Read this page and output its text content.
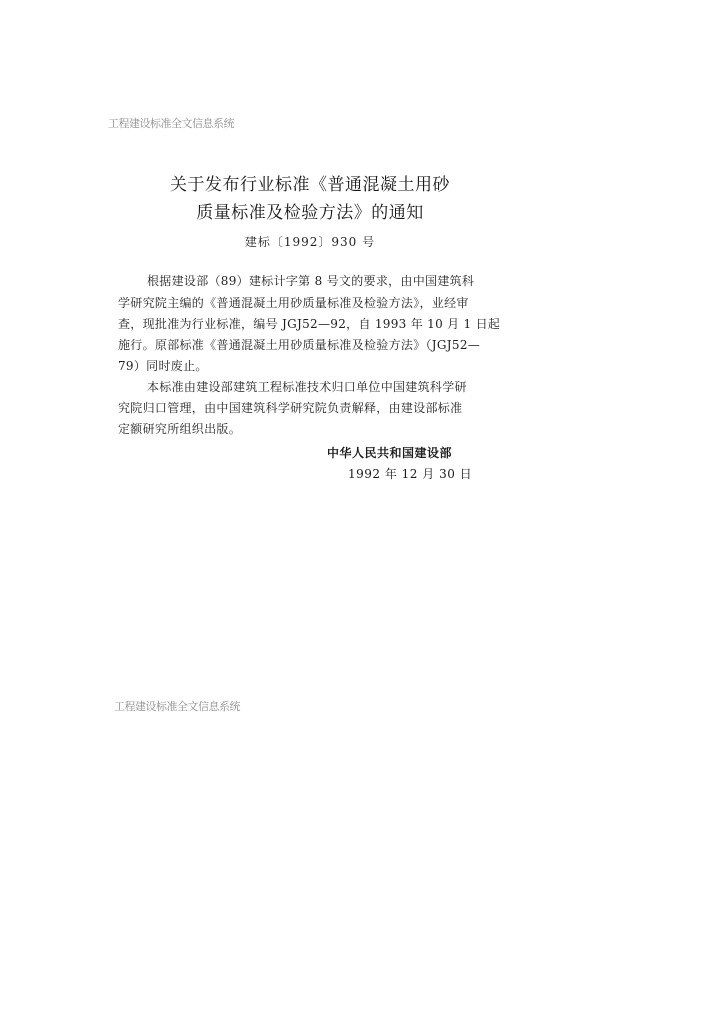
工程建设标准全文信息系统
关于发布行业标准《普通混凝土用砂
质量标准及检验方法》的通知
建标〔1992〕930 号
根据建设部（89）建标计字第 8 号文的要求，由中国建筑科
学研究院主编的《普通混凝土用砂质量标准及检验方法》，业经审
查，现批准为行业标准，编号 JGJ52—92，自 1993 年 10 月 1 日起
施行。原部标准《普通混凝土用砂质量标准及检验方法》（JGJ52—
79）同时废止。
本标准由建设部建筑工程标准技术归口单位中国建筑科学研
究院归口管理，由中国建筑科学研究院负责解释，由建设部标准
定额研究所组织出版。
中华人民共和国建设部
1992 年 12 月 30 日
工程建设标准全文信息系统
